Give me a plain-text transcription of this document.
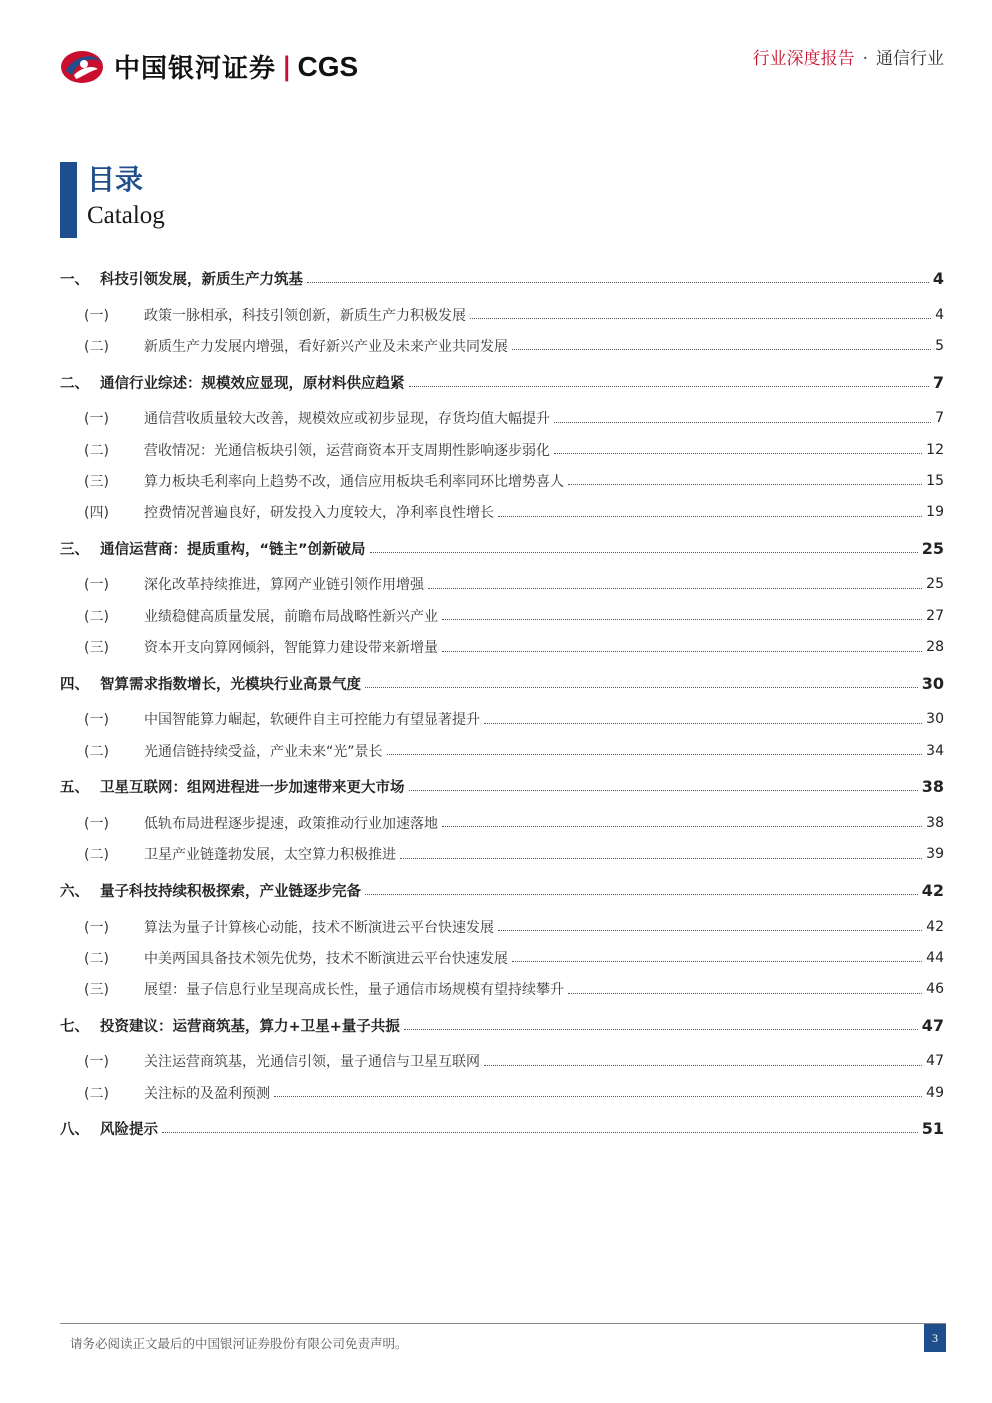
中国银河证券 | CGS	行业深度报告 · 通信行业
目录
Catalog
一、 科技引领发展，新质生产力筑基	4
(一)	政策一脉相承，科技引领创新，新质生产力积极发展	4
(二)	新质生产力发展内增强，看好新兴产业及未来产业共同发展	5
二、 通信行业综述：规模效应显现，原材料供应趋紧	7
(一)	通信营收质量较大改善，规模效应或初步显现，存货均值大幅提升	7
(二)	营收情况：光通信板块引领，运营商资本开支周期性影响逐步弱化	12
(三)	算力板块毛利率向上趋势不改，通信应用板块毛利率同环比增势喜人	15
(四)	控费情况普遍良好，研发投入力度较大，净利率良性增长	19
三、 通信运营商：提质重构，“链主”创新破局	25
(一)	深化改革持续推进，算网产业链引领作用增强	25
(二)	业绩稳健高质量发展，前瞻布局战略性新兴产业	27
(三)	资本开支向算网倾斜，智能算力建设带来新增量	28
四、 智算需求指数增长，光模块行业高景气度	30
(一)	中国智能算力崛起，软硬件自主可控能力有望显著提升	30
(二)	光通信链持续受益，产业未来“光”景长	34
五、 卫星互联网：组网进程进一步加速带来更大市场	38
(一)	低轨布局进程逐步提速，政策推动行业加速落地	38
(二)	卫星产业链蓬勃发展，太空算力积极推进	39
六、 量子科技持续积极探索，产业链逐步完备	42
(一)	算法为量子计算核心动能，技术不断演进云平台快速发展	42
(二)	中美两国具备技术领先优势，技术不断演进云平台快速发展	44
(三)	展望：量子信息行业呈现高成长性，量子通信市场规模有望持续攀升	46
七、 投资建议：运营商筑基，算力+卫星+量子共振	47
(一)	关注运营商筑基，光通信引领，量子通信与卫星互联网	47
(二)	关注标的及盈利预测	49
八、 风险提示	51
请务必阅读正文最后的中国银河证券股份有限公司免责声明。	3
